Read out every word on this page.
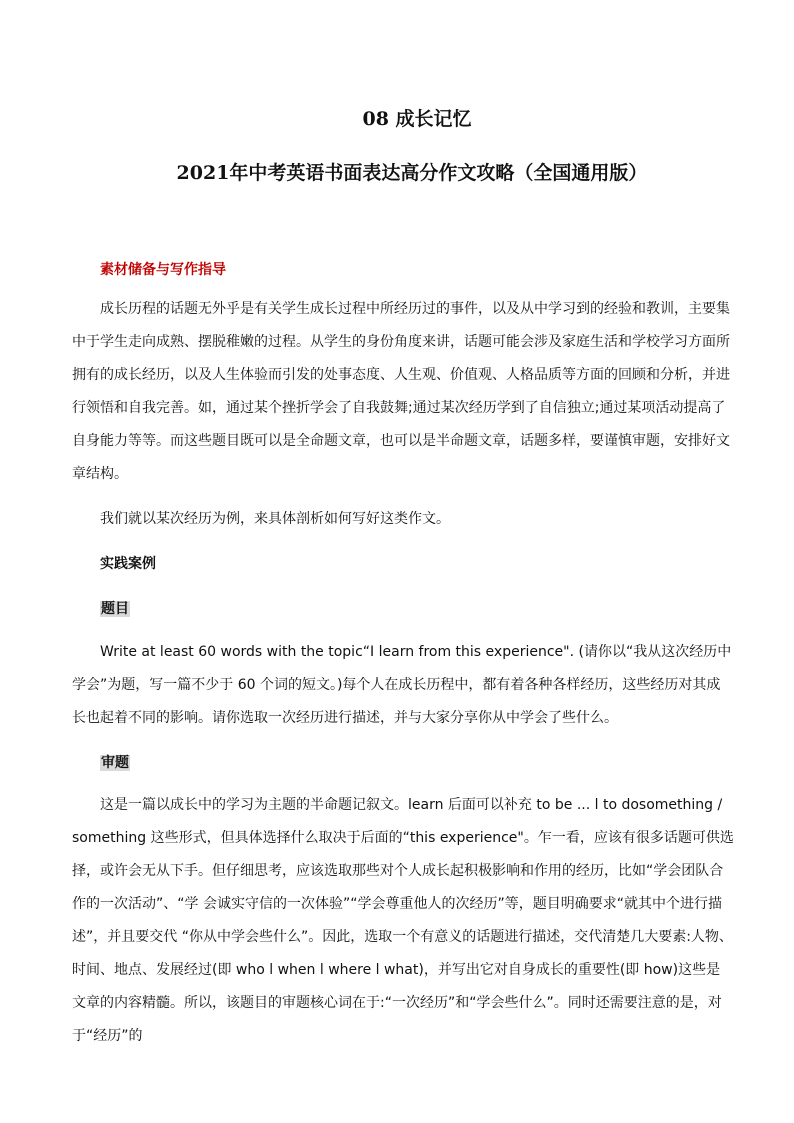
08 成长记忆
2021年中考英语书面表达高分作文攻略（全国通用版）
素材储备与写作指导

成长历程的话题无外乎是有关学生成长过程中所经历过的事件，以及从中学习到的经验和教训，主要集中于学生走向成熟、摆脱稚嫩的过程。从学生的身份角度来讲，话题可能会涉及家庭生活和学校学习方面所拥有的成长经历，以及人生体验而引发的处事态度、人生观、价值观、人格品质等方面的回顾和分析，并进行领悟和自我完善。如，通过某个挫折学会了自我鼓舞;通过某次经历学到了自信独立;通过某项活动提高了自身能力等等。而这些题目既可以是全命题文章，也可以是半命题文章，话题多样，要谨慎审题，安排好文章结构。

我们就以某次经历为例，来具体剖析如何写好这类作文。
实践案例
题目

Write at least 60 words with the topic“I learn from this experience". (请你以“我从这次经历中学会”为题，写一篇不少于 60 个词的短文。)每个人在成长历程中，都有着各种各样经历，这些经历对其成长也起着不同的影响。请你选取一次经历进行描述，并与大家分享你从中学会了些什么。

审题

这是一篇以成长中的学习为主题的半命题记叙文。learn 后面可以补充 to be ... l to dosomething / something 这些形式，但具体选择什么取决于后面的“this experience"。乍一看，应该有很多话题可供选择，或许会无从下手。但仔细思考，应该选取那些对个人成长起积极影响和作用的经历，比如“学会团队合作的一次活动”、“学 会诚实守信的一次体验”“学会尊重他人的次经历”等，题目明确要求“就其中个进行描述”，并且要交代 “你从中学会些什么”。因此，选取一个有意义的话题进行描述，交代清楚几大要素:人物、时间、地点、发展经过(即 who l when l where l what)，并写出它对自身成长的重要性(即 how)这些是文章的内容精髓。所以，该题目的审题核心词在于:“一次经历”和“学会些什么”。同时还需要注意的是，对于“经历”的
